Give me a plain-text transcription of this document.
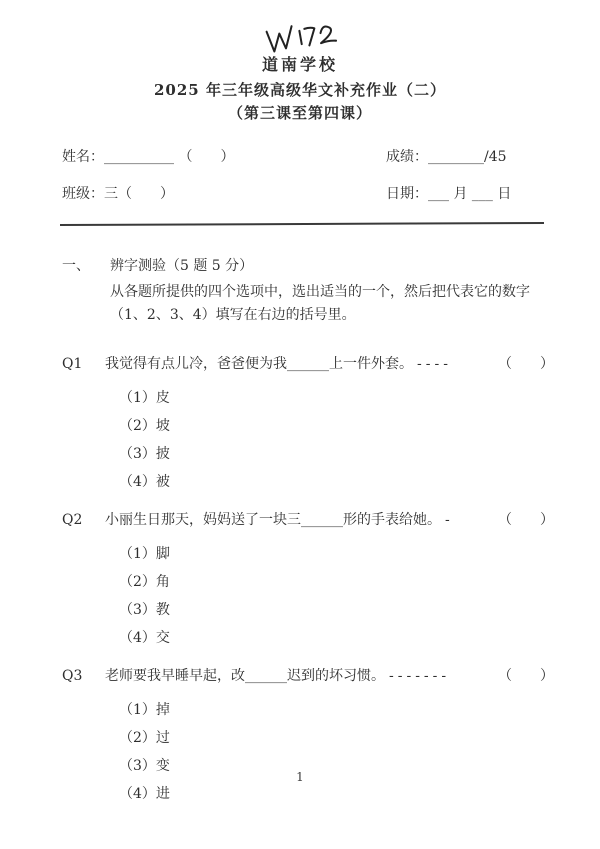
道南学校
2025 年三年级高级华文补充作业（二）
（第三课至第四课）
姓名：__________ （　　）	成绩：________/45
班级：三（　　）	日期：___ 月 ___ 日
一、	辨字测验（5 题 5 分）
从各题所提供的四个选项中，选出适当的一个，然后把代表它的数字（1、2、3、4）填写在右边的括号里。
Q1	我觉得有点儿冷，爸爸便为我______上一件外套。 ----	（　　）
（1）皮
（2）坡
（3）披
（4）被
Q2	小丽生日那天，妈妈送了一块三______形的手表给她。 -	（　　）
（1）脚
（2）角
（3）教
（4）交
Q3	老师要我早睡早起，改______迟到的坏习惯。 -------	（　　）
（1）掉
（2）过
（3）变
（4）进
1
